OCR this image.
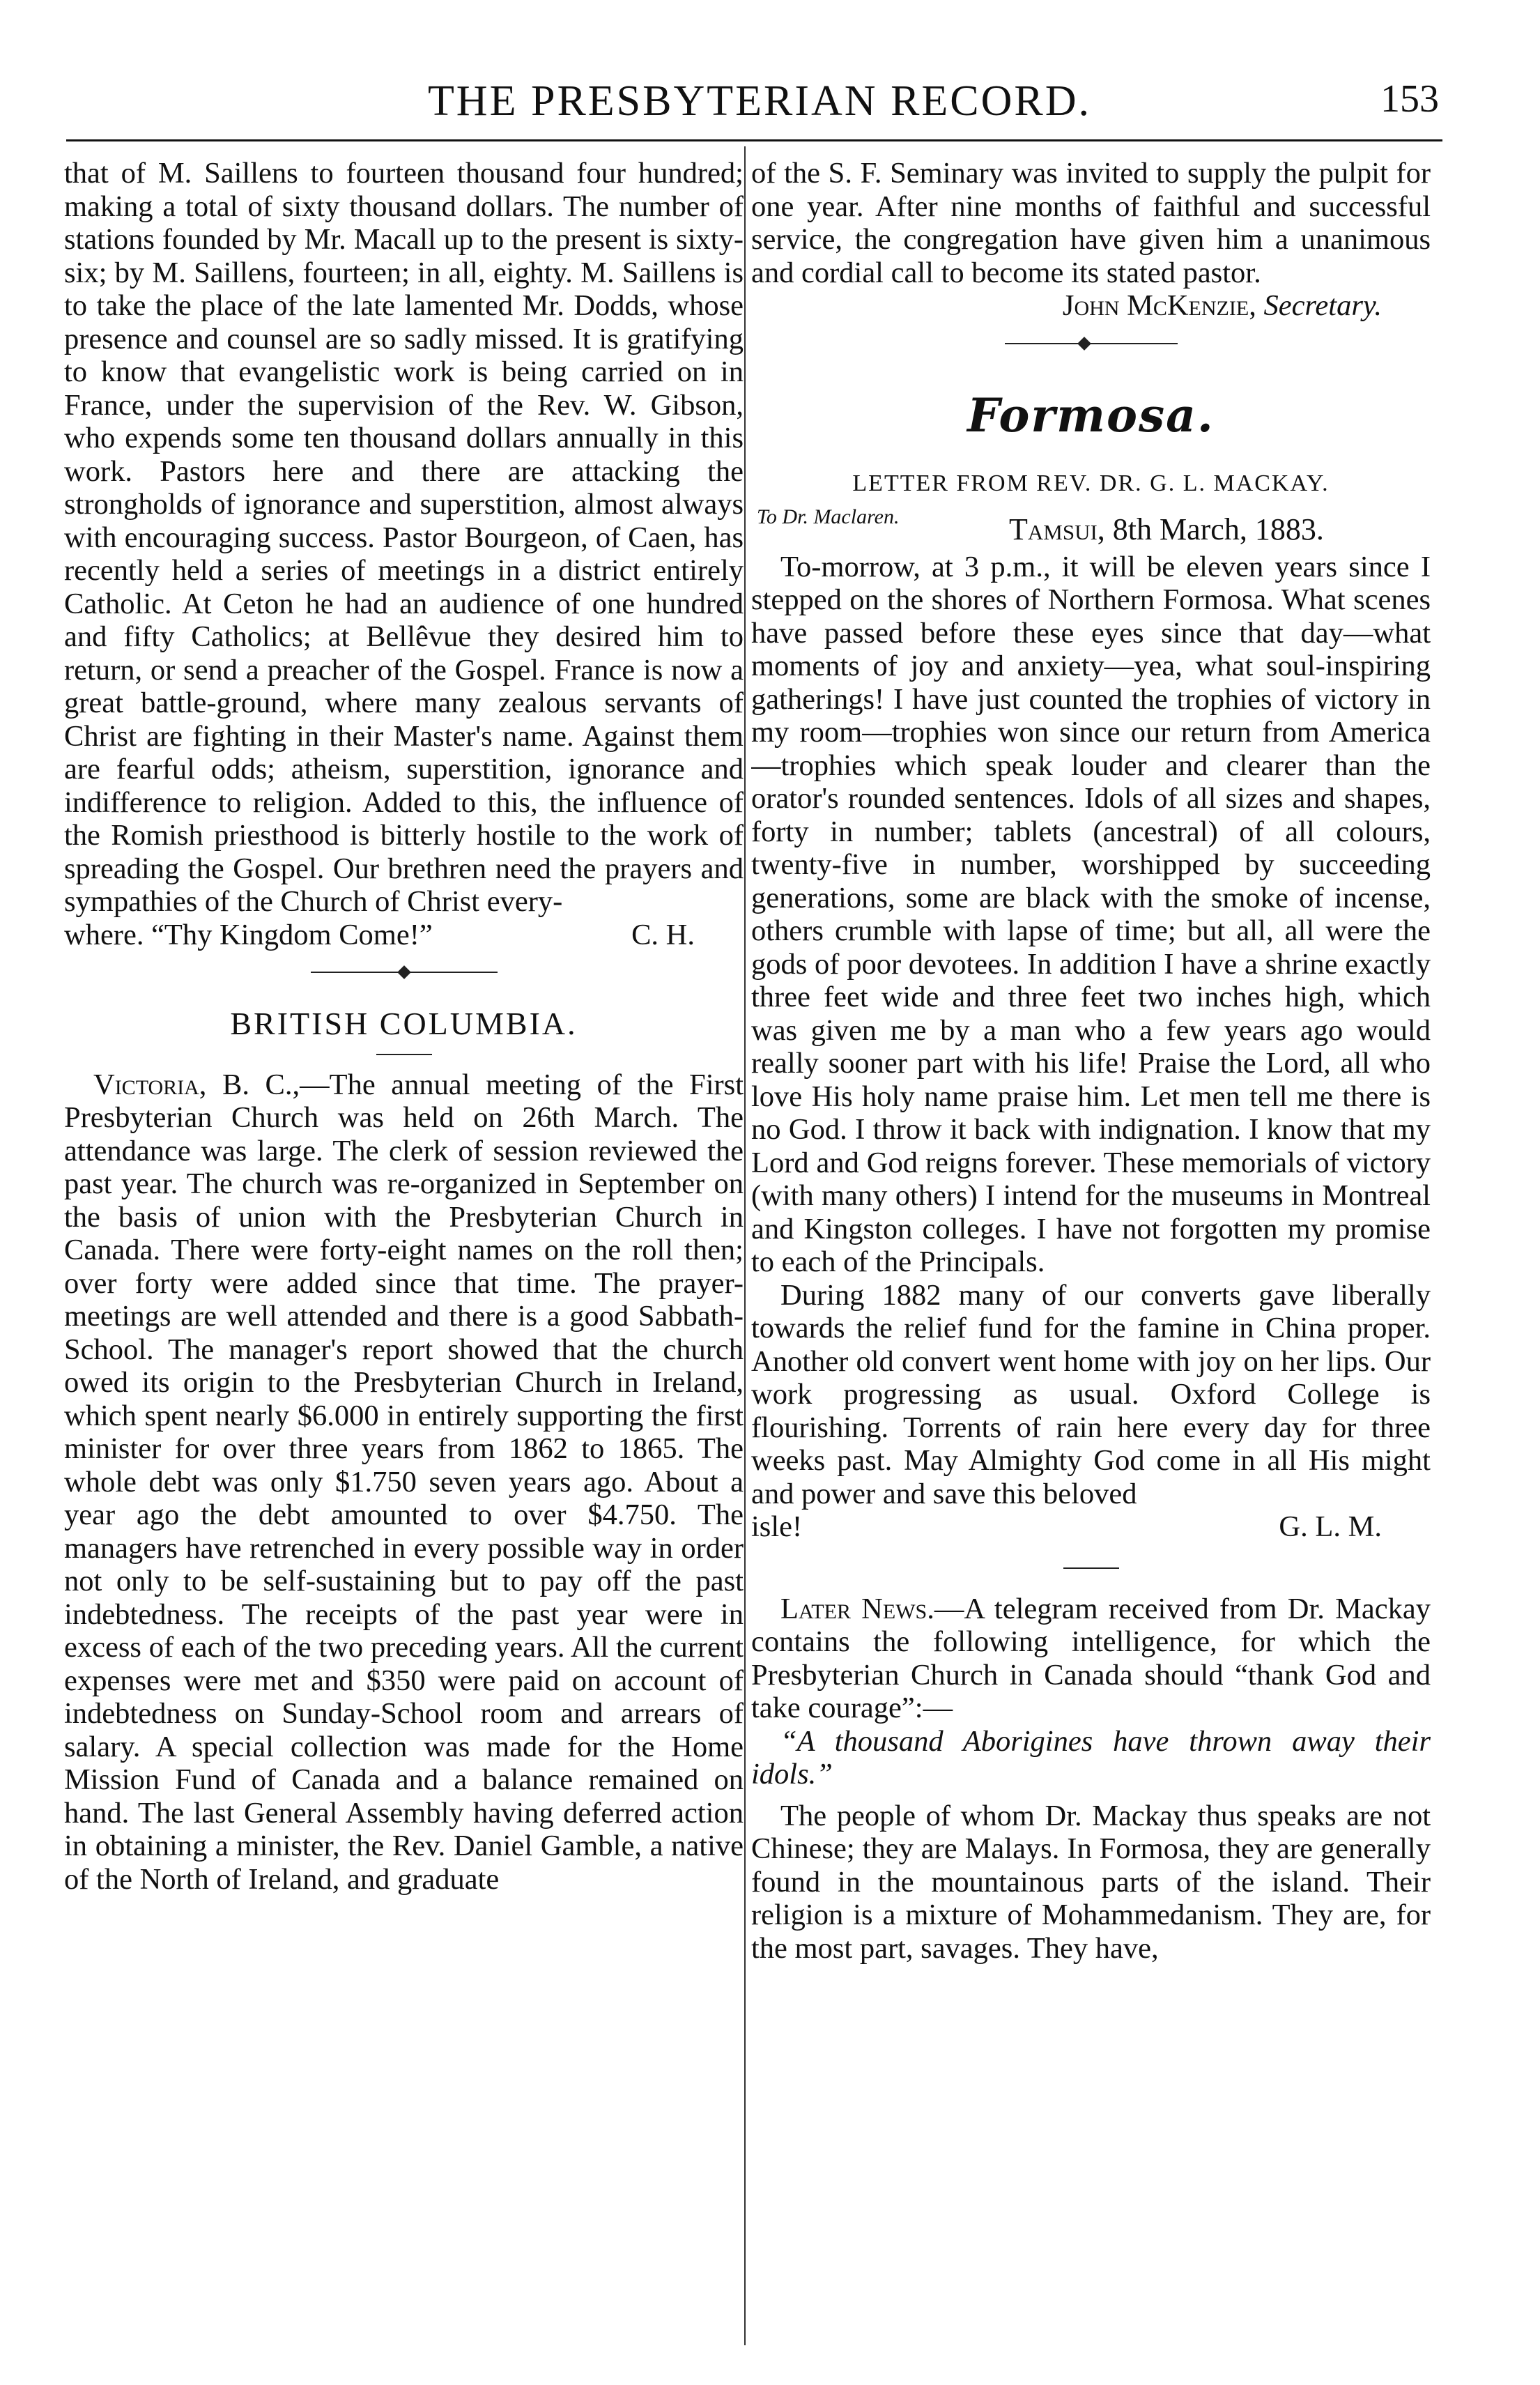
THE PRESBYTERIAN RECORD.	153

that of M. Saillens to fourteen thousand four hundred; making a total of sixty thousand dollars. The number of stations founded by Mr. Macall up to the present is sixty-six; by M. Saillens, fourteen; in all, eighty. M. Saillens is to take the place of the late lamented Mr. Dodds, whose presence and counsel are so sadly missed. It is gratifying to know that evangelistic work is being carried on in France, under the supervision of the Rev. W. Gibson, who expends some ten thousand dollars annually in this work. Pastors here and there are attacking the strongholds of ignorance and superstition, almost always with encouraging success. Pastor Bourgeon, of Caen, has recently held a series of meetings in a district entirely Catholic. At Ceton he had an audience of one hundred and fifty Catholics; at Bellêvue they desired him to return, or send a preacher of the Gospel. France is now a great battle-ground, where many zealous servants of Christ are fighting in their Master's name. Against them are fearful odds; atheism, superstition, ignorance and indifference to religion. Added to this, the influence of the Romish priesthood is bitterly hostile to the work of spreading the Gospel. Our brethren need the prayers and sympathies of the Church of Christ every-

where. “Thy Kingdom Come!”	C. H.

BRITISH COLUMBIA.

Victoria, B. C.,—The annual meeting of the First Presbyterian Church was held on 26th March. The attendance was large. The clerk of session reviewed the past year. The church was re-organized in September on the basis of union with the Presbyterian Church in Canada. There were forty-eight names on the roll then; over forty were added since that time. The prayer-meetings are well attended and there is a good Sabbath-School. The manager's report showed that the church owed its origin to the Presbyterian Church in Ireland, which spent nearly $6.000 in entirely supporting the first minister for over three years from 1862 to 1865. The whole debt was only $1.750 seven years ago. About a year ago the debt amounted to over $4.750. The managers have retrenched in every possible way in order not only to be self-sustaining but to pay off the past indebtedness. The receipts of the past year were in excess of each of the two preceding years. All the current expenses were met and $350 were paid on account of indebtedness on Sunday-School room and arrears of salary. A special collection was made for the Home Mission Fund of Canada and a balance remained on hand. The last General Assembly having deferred action in obtaining a minister, the Rev. Daniel Gamble, a native of the North of Ireland, and graduate

of the S. F. Seminary was invited to supply the pulpit for one year. After nine months of faithful and successful service, the congregation have given him a unanimous and cordial call to become its stated pastor.

John McKenzie, Secretary.

Formosa.

LETTER FROM REV. DR. G. L. MACKAY.

To Dr. Maclaren.	Tamsui, 8th March, 1883.

To-morrow, at 3 p.m., it will be eleven years since I stepped on the shores of Northern Formosa. What scenes have passed before these eyes since that day—what moments of joy and anxiety—yea, what soul-inspiring gatherings! I have just counted the trophies of victory in my room—trophies won since our return from America—trophies which speak louder and clearer than the orator's rounded sentences. Idols of all sizes and shapes, forty in number; tablets (ancestral) of all colours, twenty-five in number, worshipped by succeeding generations, some are black with the smoke of incense, others crumble with lapse of time; but all, all were the gods of poor devotees. In addition I have a shrine exactly three feet wide and three feet two inches high, which was given me by a man who a few years ago would really sooner part with his life! Praise the Lord, all who love His holy name praise him. Let men tell me there is no God. I throw it back with indignation. I know that my Lord and God reigns forever. These memorials of victory (with many others) I intend for the museums in Montreal and Kingston colleges. I have not forgotten my promise to each of the Principals.

During 1882 many of our converts gave liberally towards the relief fund for the famine in China proper. Another old convert went home with joy on her lips. Our work progressing as usual. Oxford College is flourishing. Torrents of rain here every day for three weeks past. May Almighty God come in all His might and power and save this beloved

isle!	G. L. M.

Later News.—A telegram received from Dr. Mackay contains the following intelligence, for which the Presbyterian Church in Canada should “thank God and take courage”:—

“A thousand Aborigines have thrown away their idols.”

The people of whom Dr. Mackay thus speaks are not Chinese; they are Malays. In Formosa, they are generally found in the mountainous parts of the island. Their religion is a mixture of Mohammedanism. They are, for the most part, savages. They have,
